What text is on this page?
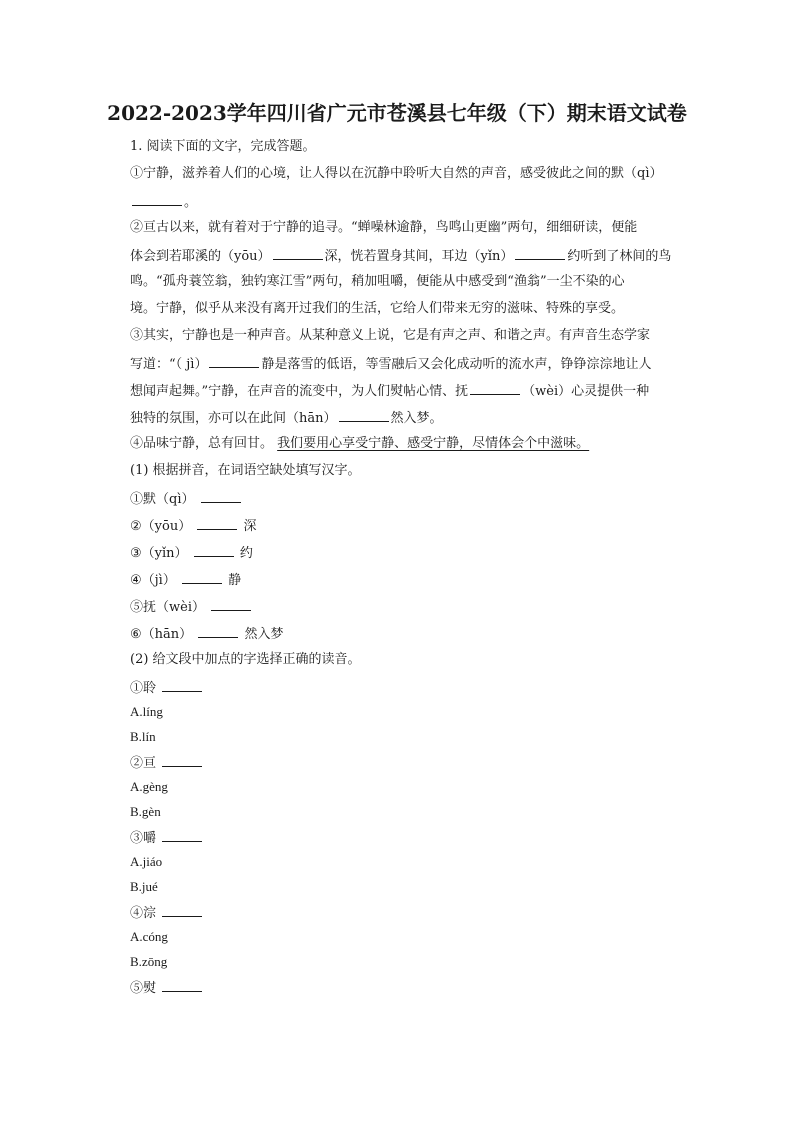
2022-2023学年四川省广元市苍溪县七年级（下）期末语文试卷
1. 阅读下面的文字，完成答题。
①宁静，滋养着人们的心境，让人得以在沉静中聆听大自然的声音，感受彼此之间的默（qì）
。
②亘古以来，就有着对于宁静的追寻。“蝉噪林逾静，鸟鸣山更幽”两句，细细研读，便能
体会到若耶溪的（yōu）	深，恍若置身其间，耳边（yǐn）	约听到了林间的鸟
鸣。“孤舟蓑笠翁，独钓寒江雪”两句，稍加咀嚼，便能从中感受到“渔翁”一尘不染的心
境。宁静，似乎从来没有离开过我们的生活，它给人们带来无穷的滋味、特殊的享受。
③其实，宁静也是一种声音。从某种意义上说，它是有声之声、和谐之声。有声音生态学家
写道：“（ jì）	静是落雪的低语，等雪融后又会化成动听的流水声，铮铮淙淙地让人
想闻声起舞。”宁静，在声音的流变中，为人们熨帖心情、抚	（wèi）心灵提供一种
独特的氛围，亦可以在此间（hān）	然入梦。
④品味宁静，总有回甘。 我们要用心享受宁静、感受宁静，尽情体会个中滋味。
(1) 根据拼音，在词语空缺处填写汉字。
①默（qì）
②（yōu）	深
③（yǐn）	约
④（jì）	静
⑤抚（wèi）
⑥（hān）	然入梦
(2) 给文段中加点的字选择正确的读音。
①聆
A.líng
B.lín
②亘
A.gèng
B.gèn
③嚼
A.jiáo
B.jué
④淙
A.cóng
B.zōng
⑤熨
